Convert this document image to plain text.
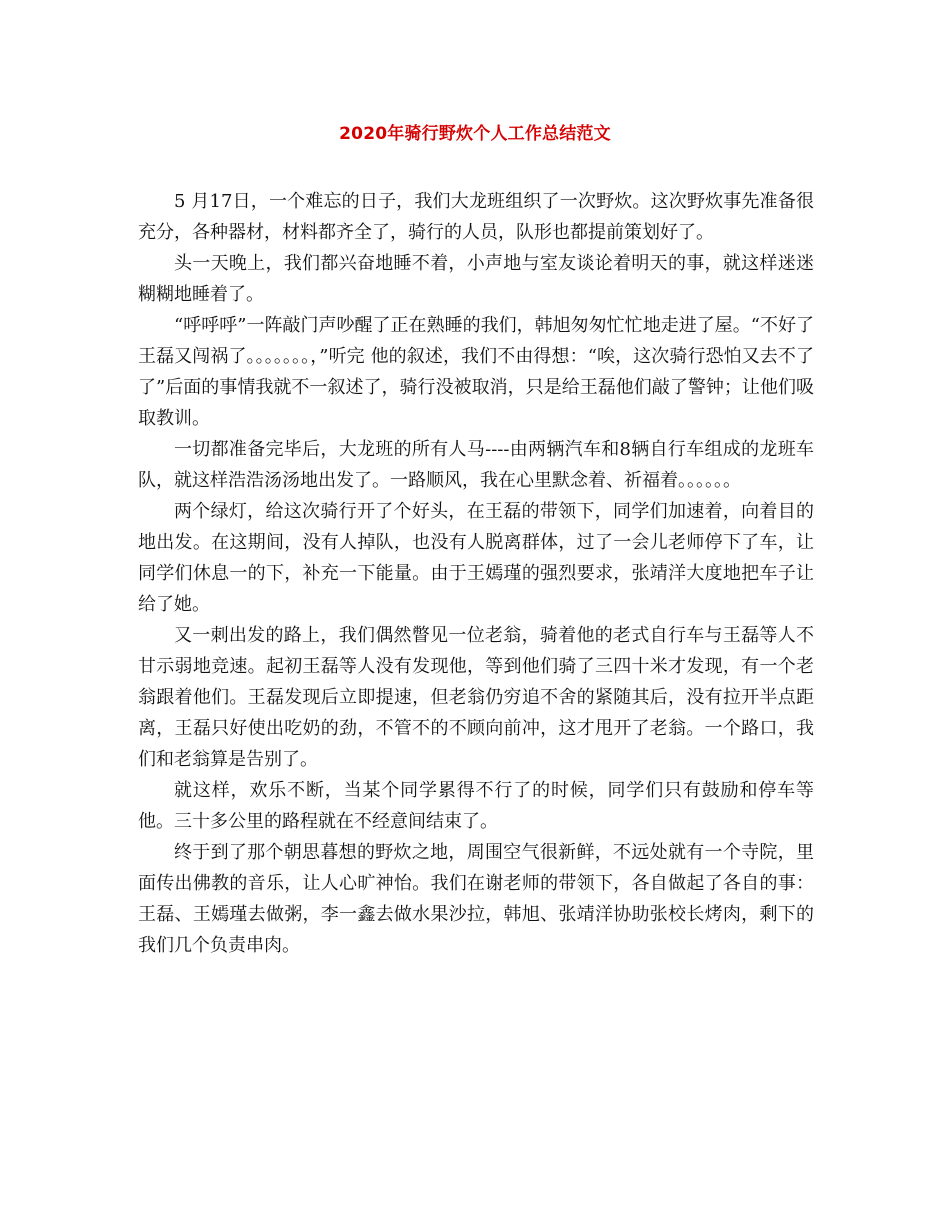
2020年骑行野炊个人工作总结范文

5 月17日，一个难忘的日子，我们大龙班组织了一次野炊。这次野炊事先准备很充分，各种器材，材料都齐全了，骑行的人员，队形也都提前策划好了。

头一天晚上，我们都兴奋地睡不着，小声地与室友谈论着明天的事，就这样迷迷糊糊地睡着了。

“呼呼呼”一阵敲门声吵醒了正在熟睡的我们，韩旭匆匆忙忙地走进了屋。“不好了王磊又闯祸了。。。。。。。，”听完 他的叙述，我们不由得想：“唉，这次骑行恐怕又去不了了”后面的事情我就不一叙述了，骑行没被取消，只是给王磊他们敲了警钟；让他们吸取教训。

一切都准备完毕后，大龙班的所有人马----由两辆汽车和8辆自行车组成的龙班车队，就这样浩浩汤汤地出发了。一路顺风，我在心里默念着、祈福着。。。。。。

两个绿灯，给这次骑行开了个好头，在王磊的带领下，同学们加速着，向着目的地出发。在这期间，没有人掉队，也没有人脱离群体，过了一会儿老师停下了车，让同学们休息一的下，补充一下能量。由于王嫣瑾的强烈要求，张靖洋大度地把车子让给了她。

又一刺出发的路上，我们偶然瞥见一位老翁，骑着他的老式自行车与王磊等人不甘示弱地竞速。起初王磊等人没有发现他，等到他们骑了三四十米才发现，有一个老翁跟着他们。王磊发现后立即提速，但老翁仍穷追不舍的紧随其后，没有拉开半点距离，王磊只好使出吃奶的劲，不管不的不顾向前冲，这才甩开了老翁。一个路口，我们和老翁算是告别了。

就这样，欢乐不断，当某个同学累得不行了的时候，同学们只有鼓励和停车等他。三十多公里的路程就在不经意间结束了。

终于到了那个朝思暮想的野炊之地，周围空气很新鲜，不远处就有一个寺院，里面传出佛教的音乐，让人心旷神怡。我们在谢老师的带领下，各自做起了各自的事：王磊、王嫣瑾去做粥，李一鑫去做水果沙拉，韩旭、张靖洋协助张校长烤肉，剩下的我们几个负责串肉。
